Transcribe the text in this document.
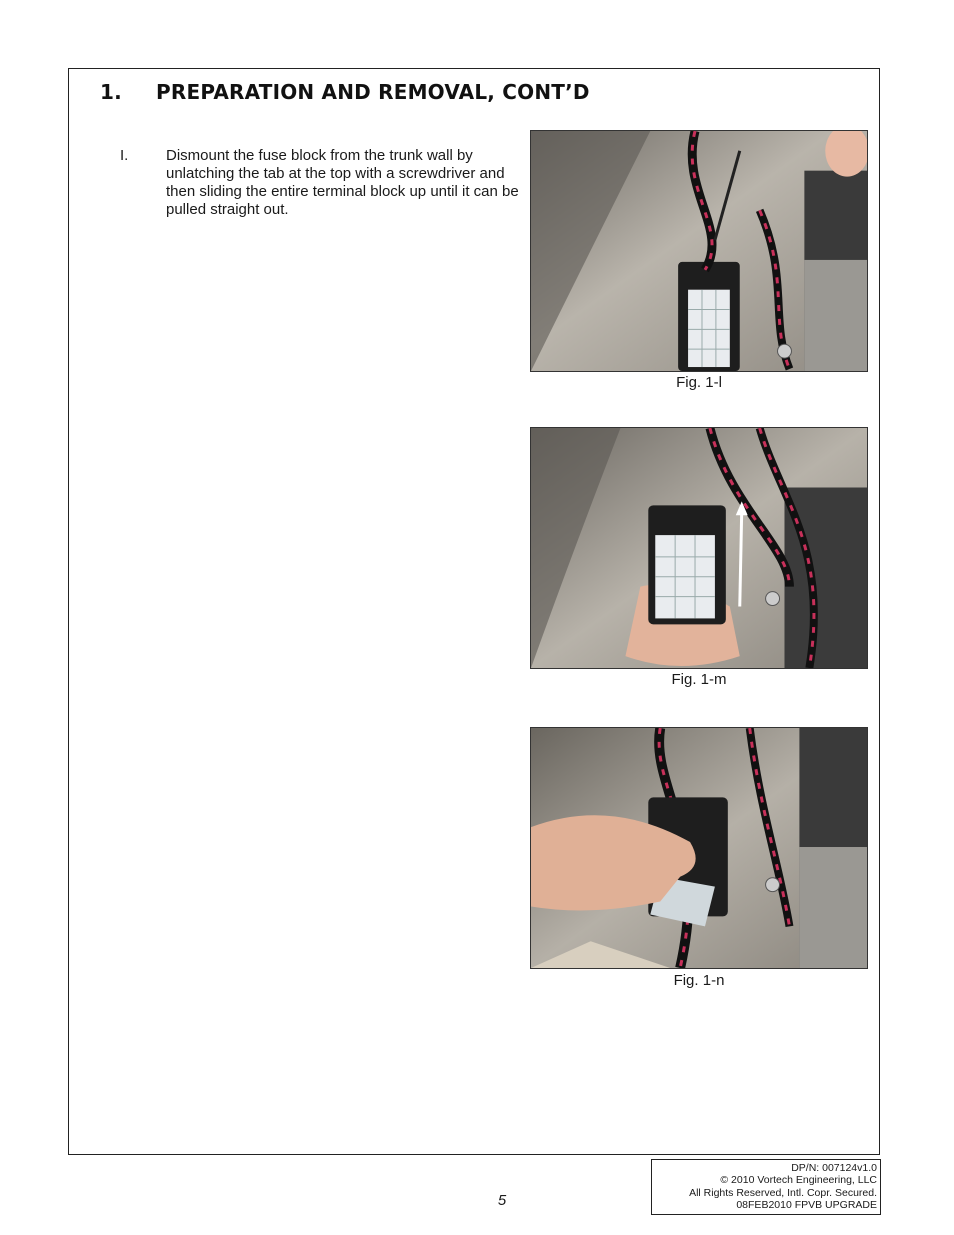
1. PREPARATION AND REMOVAL, CONT’D
I.	Dismount the fuse block from the trunk wall by unlatching the tab at the top with a screwdriver and then sliding the entire terminal block up until it can be pulled straight out.
Fig. 1-l
Fig. 1-m
Fig. 1-n
5
DP/N: 007124v1.0
© 2010 Vortech Engineering, LLC
All Rights Reserved, Intl. Copr. Secured.
08FEB2010 FPVB UPGRADE
